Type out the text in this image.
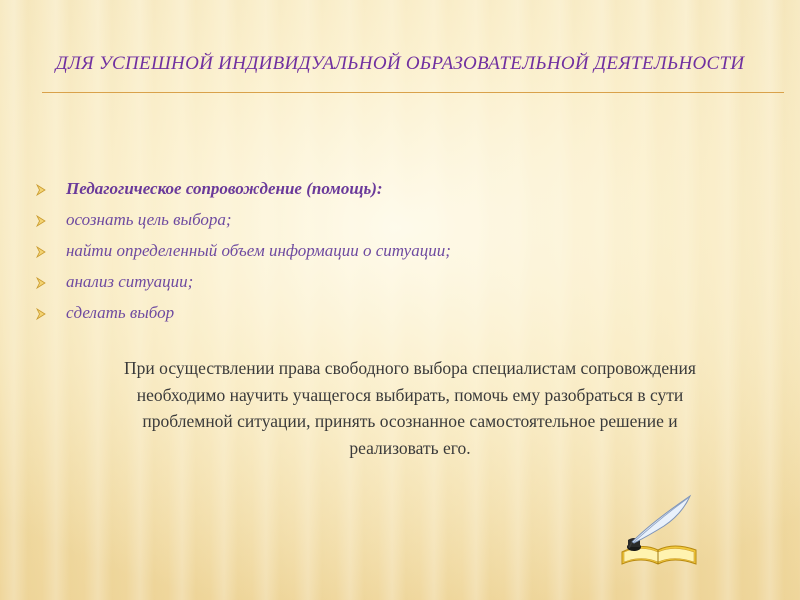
ДЛЯ УСПЕШНОЙ ИНДИВИДУАЛЬНОЙ ОБРАЗОВАТЕЛЬНОЙ ДЕЯТЕЛЬНОСТИ
Педагогическое сопровождение (помощь):
осознать цель выбора;
найти определенный объем информации о ситуации;
анализ ситуации;
сделать выбор

При осуществлении права свободного выбора специалистам сопровождения
необходимо научить учащегося выбирать, помочь ему разобраться в сути
проблемной ситуации, принять осознанное самостоятельное решение и
реализовать его.
